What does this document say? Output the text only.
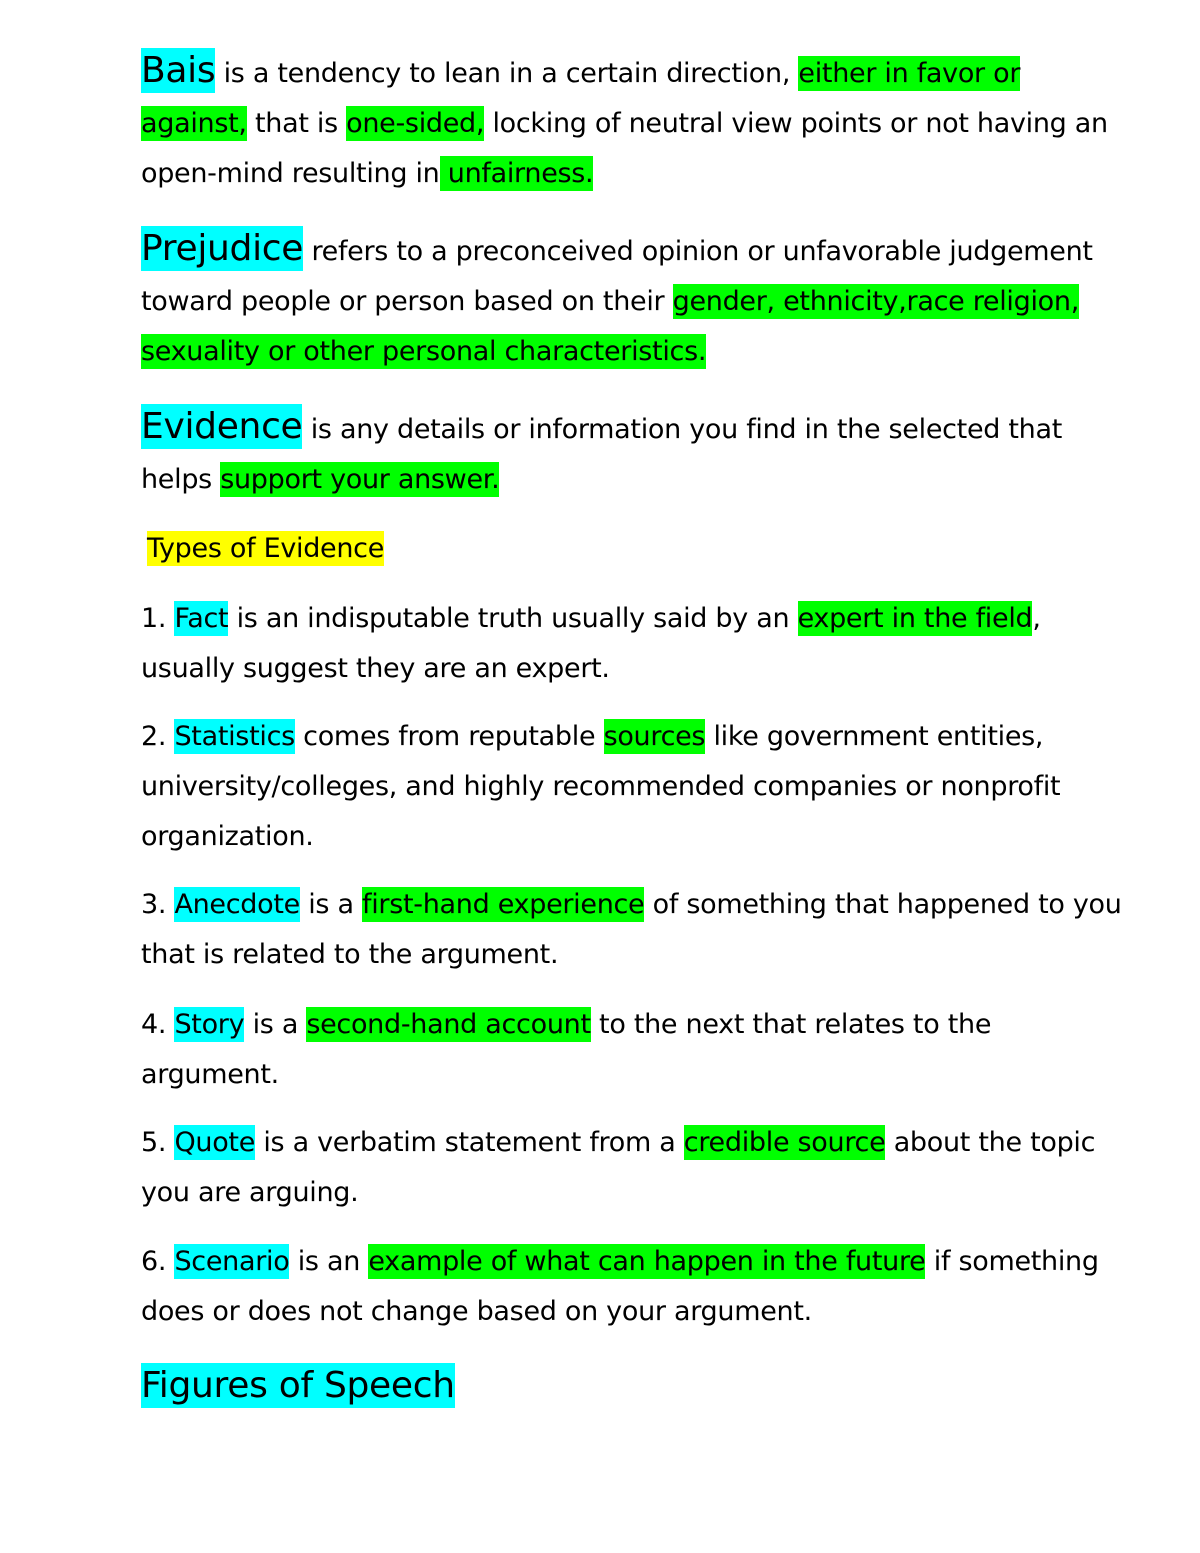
Bais is a tendency to lean in a certain direction, either in favor or against, that is one-sided, locking of neutral view points or not having an open-mind resulting in unfairness.

Prejudice refers to a preconceived opinion or unfavorable judgement toward people or person based on their gender, ethnicity,race religion, sexuality or other personal characteristics.

Evidence is any details or information you find in the selected that helps support your answer.

Types of Evidence

1. Fact is an indisputable truth usually said by an expert in the field, usually suggest they are an expert.

2. Statistics comes from reputable sources like government entities, university/colleges, and highly recommended companies or nonprofit organization.

3. Anecdote is a first-hand experience of something that happened to you that is related to the argument.

4. Story is a second-hand account to the next that relates to the argument.

5. Quote is a verbatim statement from a credible source about the topic you are arguing.

6. Scenario is an example of what can happen in the future if something does or does not change based on your argument.

Figures of Speech
